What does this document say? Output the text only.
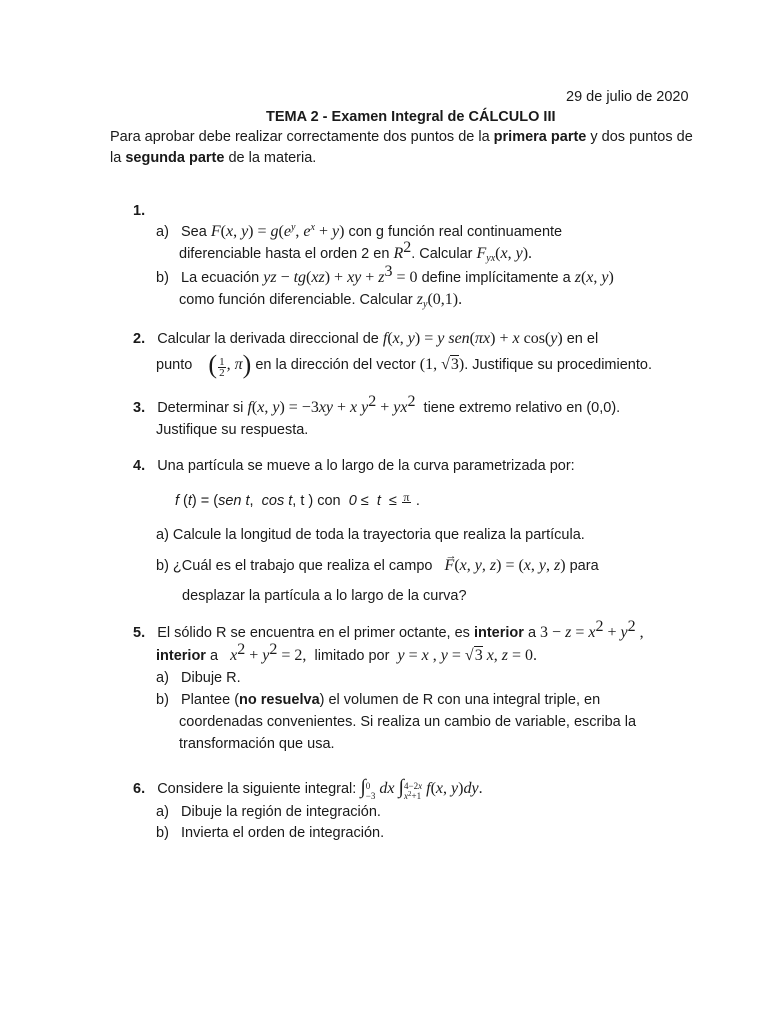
29 de julio de 2020
TEMA 2 - Examen Integral de CÁLCULO III
Para aprobar debe realizar correctamente dos puntos de la primera parte y dos puntos de
la segunda parte de la materia.
1.
a) Sea F(x, $y) = g(e^y$, $e^x + y$) con g función real continuamente
diferenciable hasta el orden 2 en $R^2$. Calcular $F_{yx}(x$, y).
b) La ecuación yz − tg(xz) + xy + $z^3 = 0$ define implícitamente a z(x, y)
como función diferenciable. Calcular $z_y(0,1)$.
2. Calcular la derivada direccional de f(x, y) = y sen(πx) + x cos(y) en el
punto ( $\frac{1}{2}$ , π) en la dirección del vector (1, √3). Justifique su procedimiento.
3. Determinar si f(x, y) = −3xy + x $y^2 + yx^2$ tiene extremo relativo en (0,0).
Justifique su respuesta.
4. Una partícula se mueve a lo largo de la curva parametrizada por:
f (t) = (sen t,  cos t, t ) con 0 ≤  t  ≤ π
.
a) Calcule la longitud de toda la trayectoria que realiza la partícula.
b) ¿Cuál es el trabajo que realiza el campo   → F(x, y, z) = (x, y, z) para
desplazar la partícula a lo largo de la curva?
5. El sólido R se encuentra en el primer octante, es interior a $3 - z = x^2 + y^2$ ,
interior a $x^2 + y^2 = 2$, limitado por y = x , y = √3 x, z = 0.
a) Dibuje R.
b) Plantee (no resuelva) el volumen de R con una integral triple, en
coordenadas convenientes. Si realiza un cambio de variable, escriba la
transformación que usa.
6. Considere la siguiente integral: ∫ 0
−3 dx ∫ 4−2x
$x^2+1$ f(x, y)dy.
a) Dibuje la región de integración.
b) Invierta el orden de integración.
